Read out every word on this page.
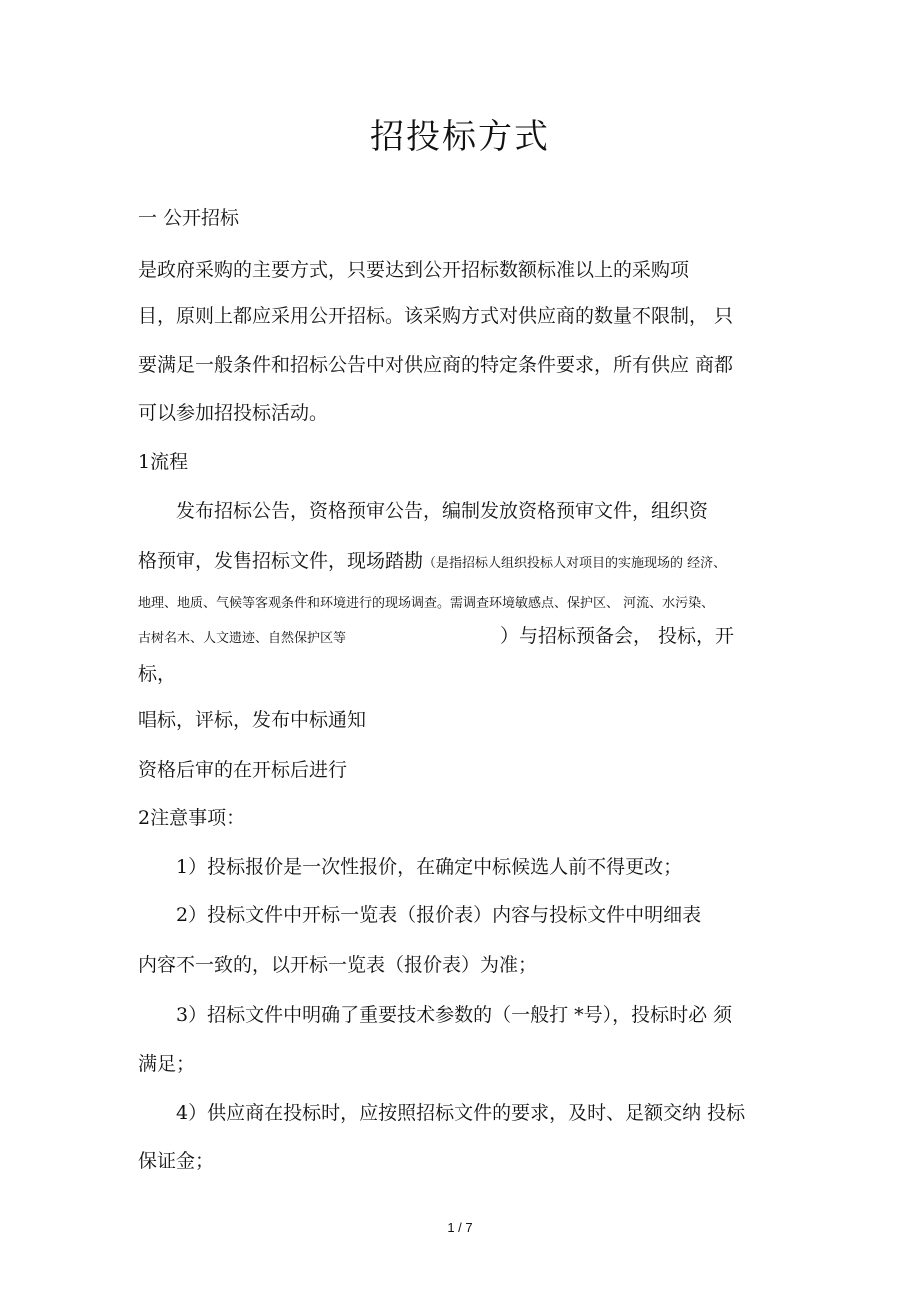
招投标方式

一 公开招标

是政府采购的主要方式，只要达到公开招标数额标准以上的采购项

目，原则上都应采用公开招标。该采购方式对供应商的数量不限制， 只

要满足一般条件和招标公告中对供应商的特定条件要求，所有供应 商都

可以参加招投标活动。

1流程

发布招标公告，资格预审公告，编制发放资格预审文件，组织资

格预审，发售招标文件，现场踏勘（是指招标人组织投标人对项目的实施现场的 经济、

地理、地质、气候等客观条件和环境进行的现场调查。需调查环境敏感点、保护区、 河流、水污染、

古树名木、人文遗迹、自然保护区等	）与招标预备会， 投标，开

标，

唱标，评标，发布中标通知

资格后审的在开标后进行

2注意事项：

1）投标报价是一次性报价，在确定中标候选人前不得更改；

2）投标文件中开标一览表（报价表）内容与投标文件中明细表

内容不一致的，以开标一览表（报价表）为准；

3）招标文件中明确了重要技术参数的（一般打 *号），投标时必 须

满足；

4）供应商在投标时，应按照招标文件的要求，及时、足额交纳 投标

保证金；

1 / 7
